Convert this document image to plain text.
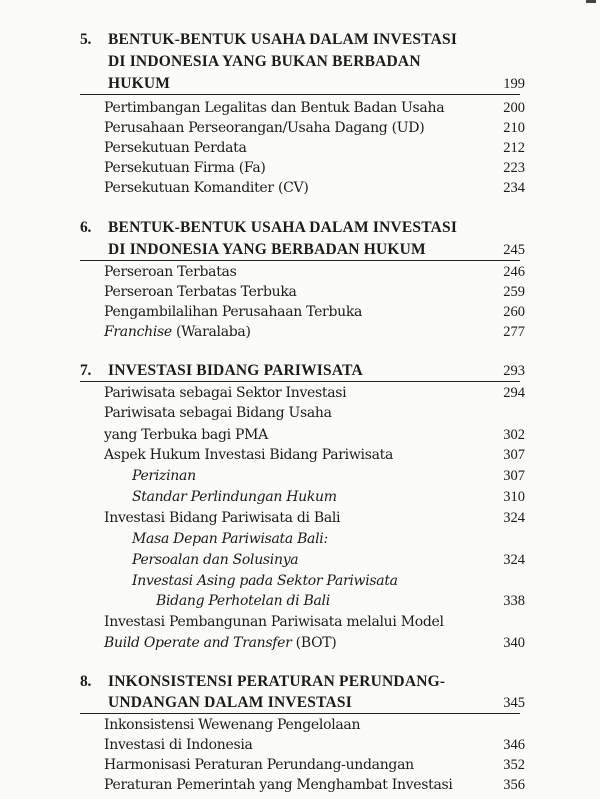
5. BENTUK-BENTUK USAHA DALAM INVESTASI
DI INDONESIA YANG BUKAN BERBADAN
HUKUM	199
Pertimbangan Legalitas dan Bentuk Badan Usaha	200
Perusahaan Perseorangan/Usaha Dagang (UD)	210
Persekutuan Perdata	212
Persekutuan Firma (Fa)	223
Persekutuan Komanditer (CV)	234
6. BENTUK-BENTUK USAHA DALAM INVESTASI
DI INDONESIA YANG BERBADAN HUKUM	245
Perseroan Terbatas	246
Perseroan Terbatas Terbuka	259
Pengambilalihan Perusahaan Terbuka	260
Franchise (Waralaba)	277
7. INVESTASI BIDANG PARIWISATA	293
Pariwisata sebagai Sektor Investasi	294
Pariwisata sebagai Bidang Usaha
yang Terbuka bagi PMA	302
Aspek Hukum Investasi Bidang Pariwisata	307
Perizinan	307
Standar Perlindungan Hukum	310
Investasi Bidang Pariwisata di Bali	324
Masa Depan Pariwisata Bali:
Persoalan dan Solusinya	324
Investasi Asing pada Sektor Pariwisata
Bidang Perhotelan di Bali	338
Investasi Pembangunan Pariwisata melalui Model
Build Operate and Transfer (BOT)	340
8. INKONSISTENSI PERATURAN PERUNDANG-
UNDANGAN DALAM INVESTASI	345
Inkonsistensi Wewenang Pengelolaan
Investasi di Indonesia	346
Harmonisasi Peraturan Perundang-undangan	352
Peraturan Pemerintah yang Menghambat Investasi	356
